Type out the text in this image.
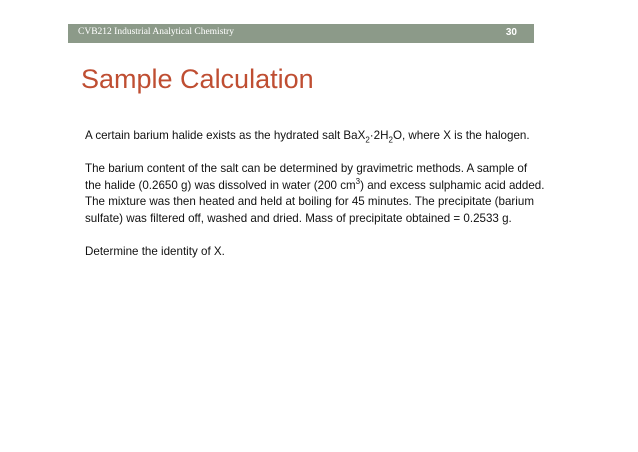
CVB212 Industrial Analytical Chemistry	30
Sample Calculation

A certain barium halide exists as the hydrated salt $BaX_2\cdot 2H_2O$, where X is the halogen.

The barium content of the salt can be determined by gravimetric methods. A sample of the halide (0.2650 g) was dissolved in water (200 $cm^3$) and excess sulphamic acid added. The mixture was then heated and held at boiling for 45 minutes. The precipitate (barium sulfate) was filtered off, washed and dried. Mass of precipitate obtained = 0.2533 g.

Determine the identity of X.
